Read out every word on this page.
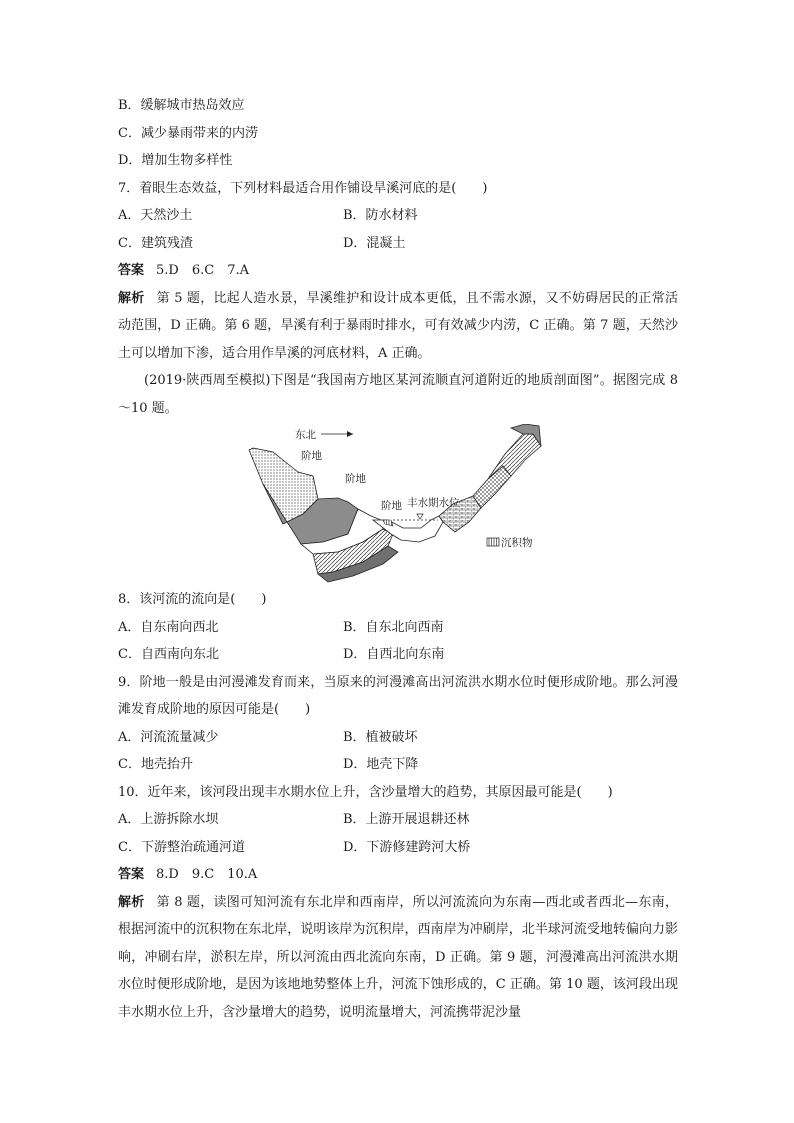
B．缓解城市热岛效应
C．减少暴雨带来的内涝
D．增加生物多样性
7．着眼生态效益，下列材料最适合用作铺设旱溪河底的是(　　)
A．天然沙土	B．防水材料
C．建筑残渣	D．混凝土
答案 5.D　6.C　7.A
解析 第 5 题，比起人造水景，旱溪维护和设计成本更低，且不需水源，又不妨碍居民的正常活动范围，D 正确。第 6 题，旱溪有利于暴雨时排水，可有效减少内涝，C 正确。第 7 题，天然沙土可以增加下渗，适合用作旱溪的河底材料，A 正确。
(2019·陕西周至模拟)下图是“我国南方地区某河流顺直河道附近的地质剖面图”。据图完成 8～10 题。
东北
阶地
阶地
阶地 丰水期水位
沉积物
8．该河流的流向是(　　)
A．自东南向西北	B．自东北向西南
C．自西南向东北	D．自西北向东南
9．阶地一般是由河漫滩发育而来，当原来的河漫滩高出河流洪水期水位时便形成阶地。那么河漫滩发育成阶地的原因可能是(　　)
A．河流流量减少	B．植被破坏
C．地壳抬升	D．地壳下降
10．近年来，该河段出现丰水期水位上升，含沙量增大的趋势，其原因最可能是(　　)
A．上游拆除水坝	B．上游开展退耕还林
C．下游整治疏通河道	D．下游修建跨河大桥
答案 8.D　9.C　10.A
解析 第 8 题，读图可知河流有东北岸和西南岸，所以河流流向为东南—西北或者西北—东南，根据河流中的沉积物在东北岸，说明该岸为沉积岸，西南岸为冲刷岸，北半球河流受地转偏向力影响，冲刷右岸，淤积左岸，所以河流由西北流向东南，D 正确。第 9 题，河漫滩高出河流洪水期水位时便形成阶地，是因为该地地势整体上升，河流下蚀形成的，C 正确。第 10 题，该河段出现丰水期水位上升，含沙量增大的趋势，说明流量增大，河流携带泥沙量
